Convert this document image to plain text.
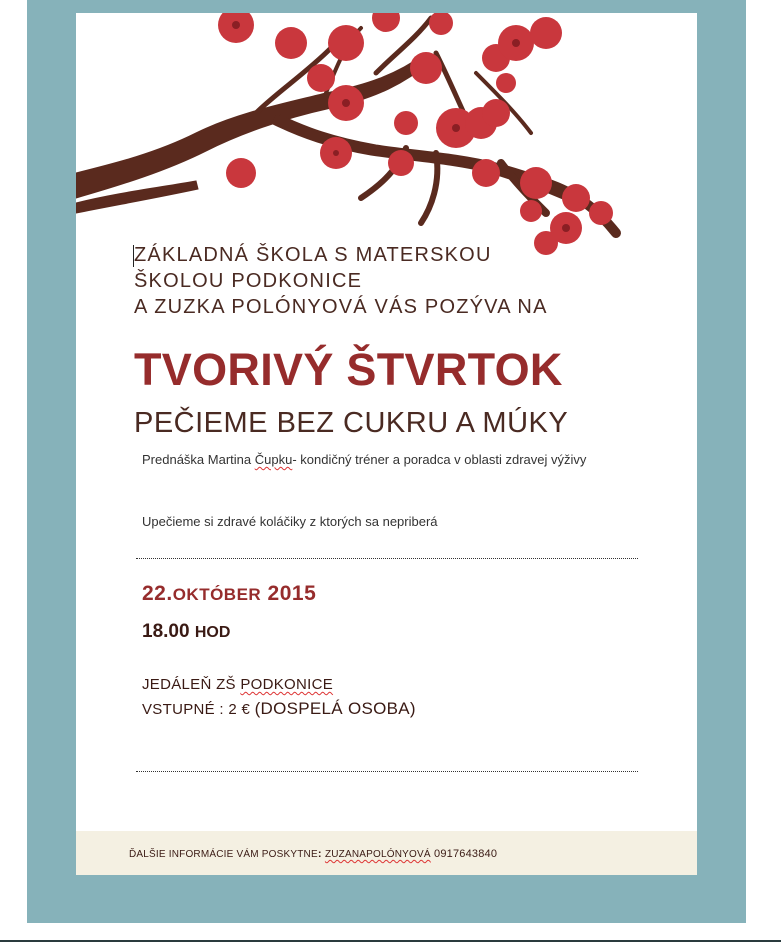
ZÁKLADNÁ ŠKOLA S MATERSKOU
ŠKOLOU PODKONICE
A ZUZKA POLÓNYOVÁ VÁS POZÝVA NA
TVORIVÝ ŠTVRTOK
PEČIEME BEZ CUKRU A MÚKY
Prednáška Martina Čupku- kondičný tréner a poradca v oblasti zdravej výživy
Upečieme si zdravé koláčiky z ktorých sa nepriberá
22.OKTÓBER 2015
18.00 HOD
JEDÁLEŇ ZŠ PODKONICE
VSTUPNÉ : 2 € (DOSPELÁ OSOBA)
ĎALŠIE INFORMÁCIE VÁM POSKYTNE: ZUZANAPOLÓNYOVÁ 0917643840
